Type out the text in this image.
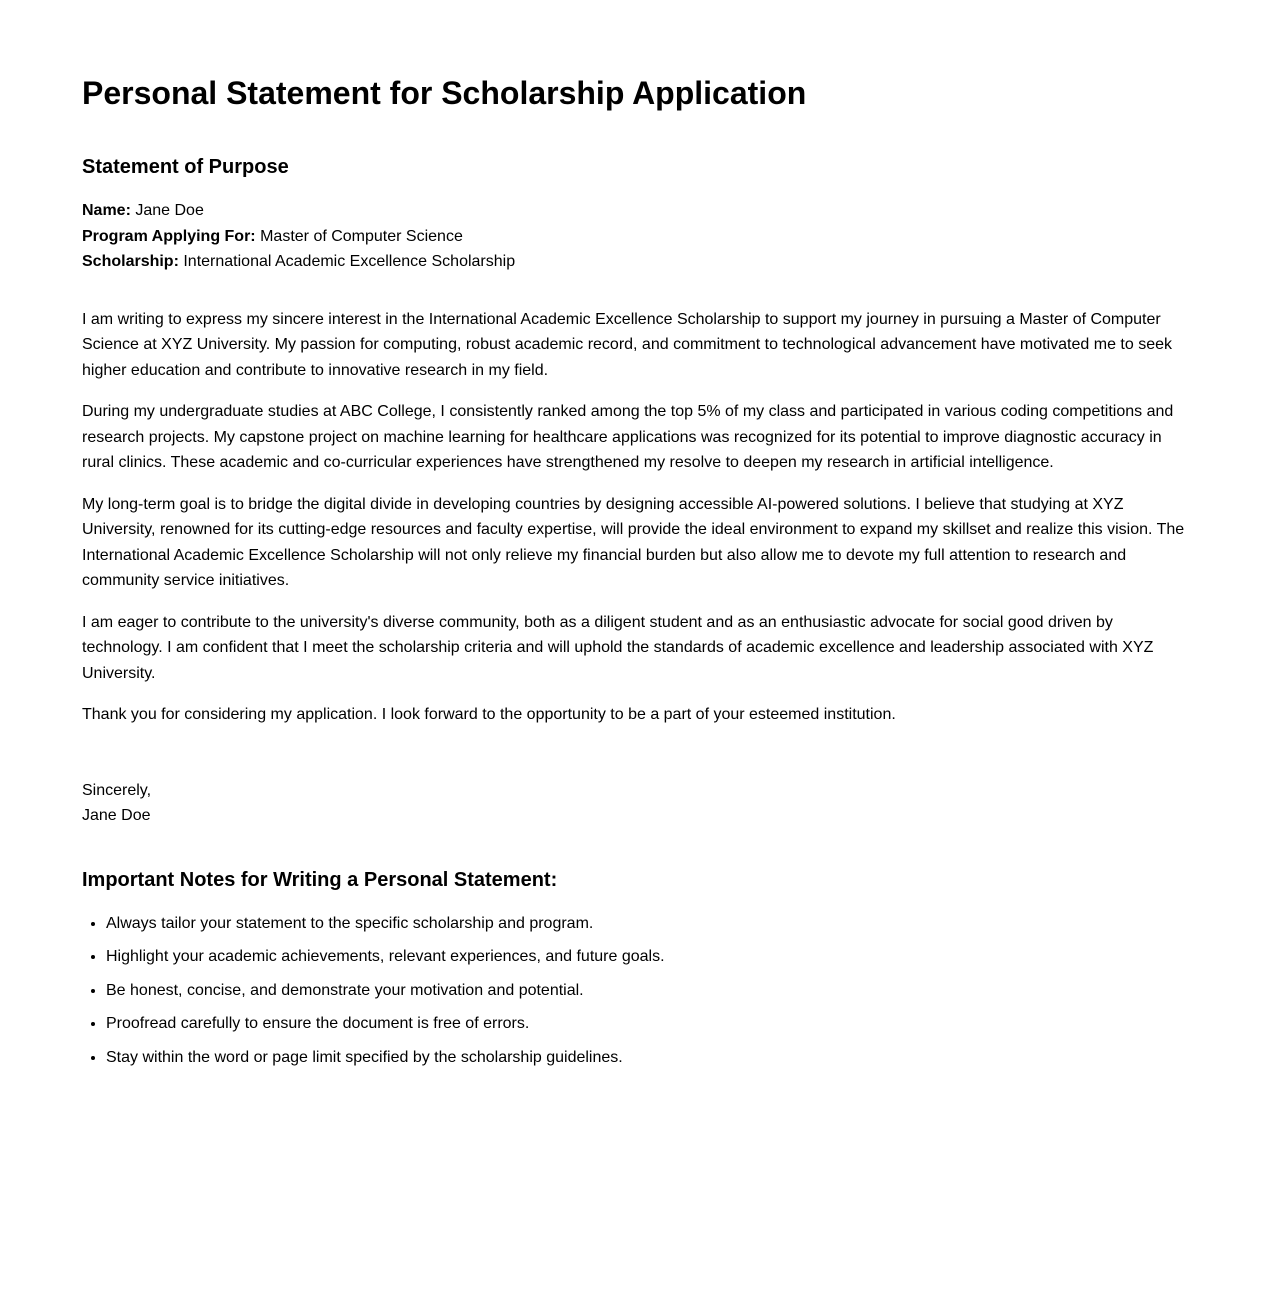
Personal Statement for Scholarship Application
Statement of Purpose
Name: Jane Doe
Program Applying For: Master of Computer Science
Scholarship: International Academic Excellence Scholarship

I am writing to express my sincere interest in the International Academic Excellence Scholarship to support my journey in pursuing a Master of Computer Science at XYZ University. My passion for computing, robust academic record, and commitment to technological advancement have motivated me to seek higher education and contribute to innovative research in my field.

During my undergraduate studies at ABC College, I consistently ranked among the top 5% of my class and participated in various coding competitions and research projects. My capstone project on machine learning for healthcare applications was recognized for its potential to improve diagnostic accuracy in rural clinics. These academic and co-curricular experiences have strengthened my resolve to deepen my research in artificial intelligence.

My long-term goal is to bridge the digital divide in developing countries by designing accessible AI-powered solutions. I believe that studying at XYZ University, renowned for its cutting-edge resources and faculty expertise, will provide the ideal environment to expand my skillset and realize this vision. The International Academic Excellence Scholarship will not only relieve my financial burden but also allow me to devote my full attention to research and community service initiatives.

I am eager to contribute to the university's diverse community, both as a diligent student and as an enthusiastic advocate for social good driven by technology. I am confident that I meet the scholarship criteria and will uphold the standards of academic excellence and leadership associated with XYZ University.

Thank you for considering my application. I look forward to the opportunity to be a part of your esteemed institution.

Sincerely,
Jane Doe
Important Notes for Writing a Personal Statement:
• Always tailor your statement to the specific scholarship and program.
• Highlight your academic achievements, relevant experiences, and future goals.
• Be honest, concise, and demonstrate your motivation and potential.
• Proofread carefully to ensure the document is free of errors.
• Stay within the word or page limit specified by the scholarship guidelines.
